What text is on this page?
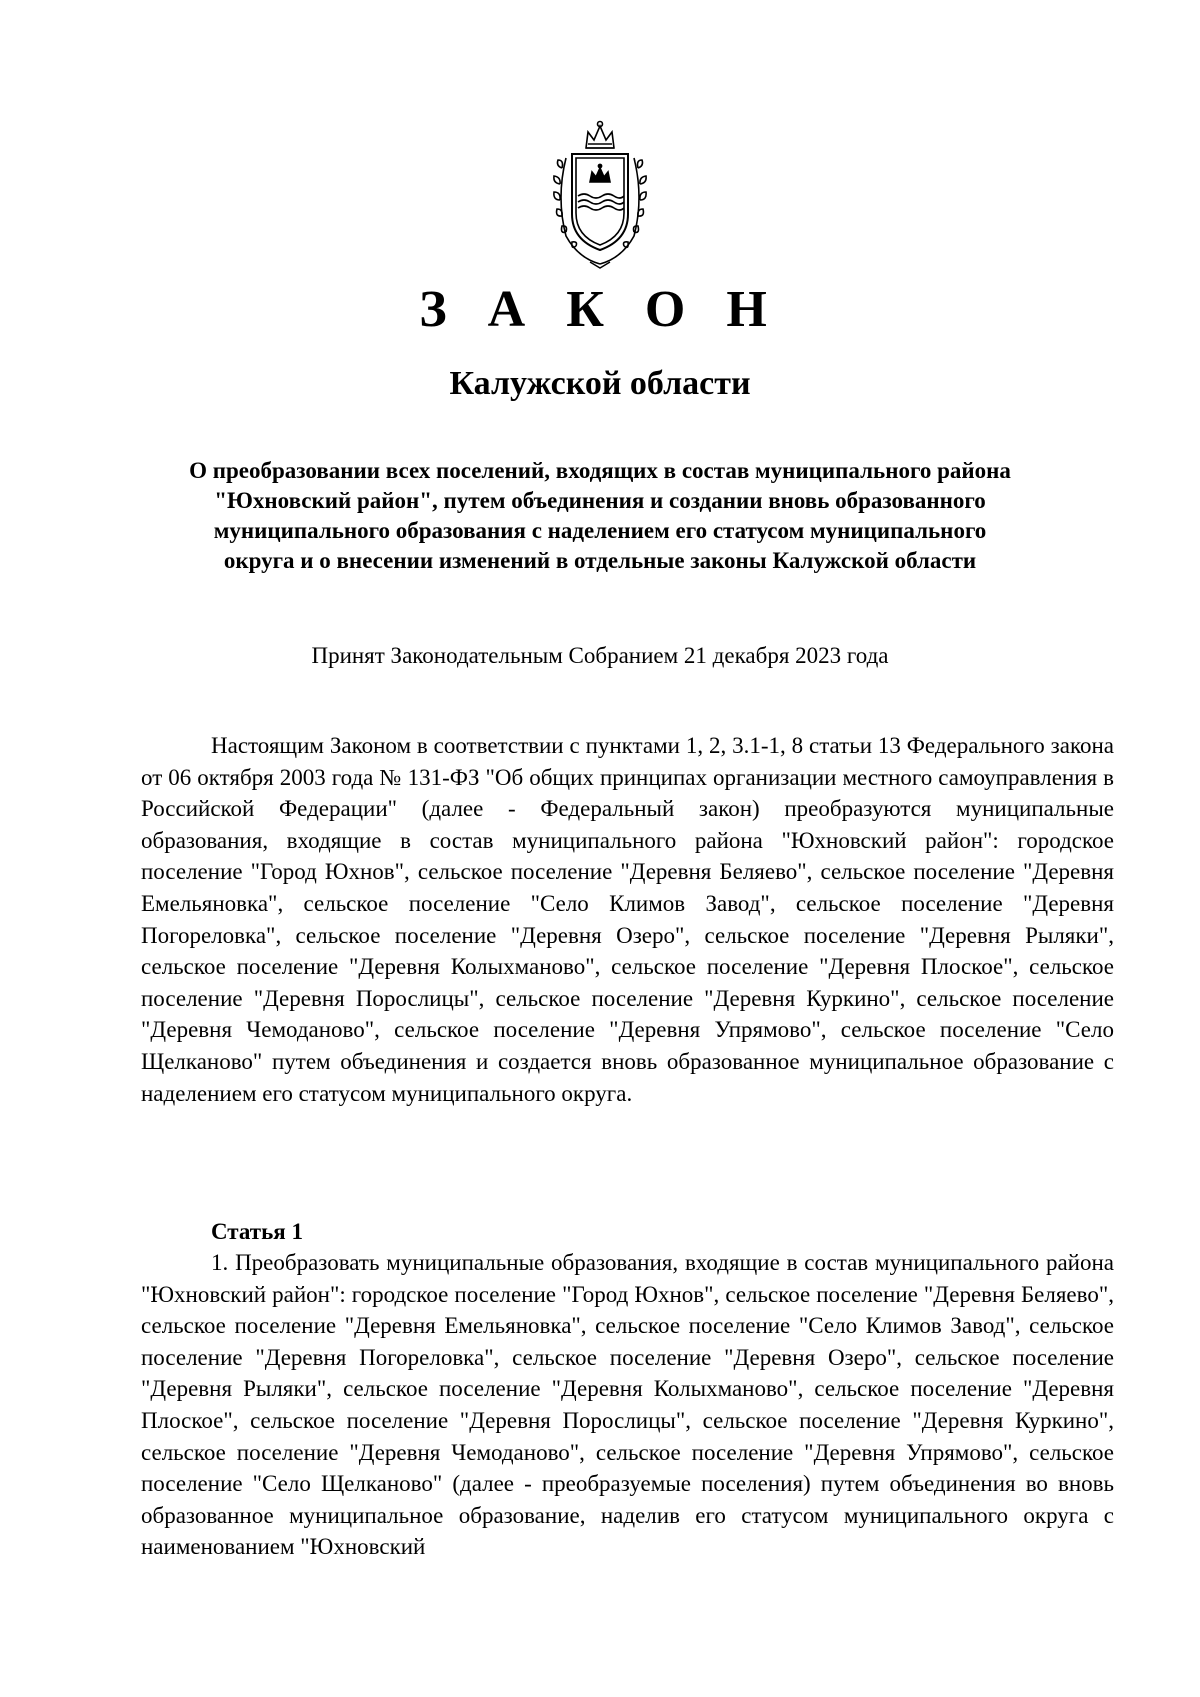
З А К О Н
Калужской области
О преобразовании всех поселений, входящих в состав муниципального района
"Юхновский район", путем объединения и создании вновь образованного
муниципального образования с наделением его статусом муниципального
округа и о внесении изменений в отдельные законы Калужской области
Принят Законодательным Собранием 21 декабря 2023 года

Настоящим Законом в соответствии с пунктами 1, 2, 3.1-1, 8 статьи 13 Федерального закона от 06 октября 2003 года № 131-ФЗ "Об общих принципах организации местного самоуправления в Российской Федерации" (далее - Федеральный закон) преобразуются муниципальные образования, входящие в состав муниципального района "Юхновский район": городское поселение "Город Юхнов", сельское поселение "Деревня Беляево", сельское поселение "Деревня Емельяновка", сельское поселение "Село Климов Завод", сельское поселение "Деревня Погореловка", сельское поселение "Деревня Озеро", сельское поселение "Деревня Рыляки", сельское поселение "Деревня Колыхманово", сельское поселение "Деревня Плоское", сельское поселение "Деревня Порослицы", сельское поселение "Деревня Куркино", сельское поселение "Деревня Чемоданово", сельское поселение "Деревня Упрямово", сельское поселение "Село Щелканово" путем объединения и создается вновь образованное муниципальное образование с наделением его статусом муниципального округа.

Статья 1

1. Преобразовать муниципальные образования, входящие в состав муниципального района "Юхновский район": городское поселение "Город Юхнов", сельское поселение "Деревня Беляево", сельское поселение "Деревня Емельяновка", сельское поселение "Село Климов Завод", сельское поселение "Деревня Погореловка", сельское поселение "Деревня Озеро", сельское поселение "Деревня Рыляки", сельское поселение "Деревня Колыхманово", сельское поселение "Деревня Плоское", сельское поселение "Деревня Порослицы", сельское поселение "Деревня Куркино", сельское поселение "Деревня Чемоданово", сельское поселение "Деревня Упрямово", сельское поселение "Село Щелканово" (далее - преобразуемые поселения) путем объединения во вновь образованное муниципальное образование, наделив его статусом муниципального округа с наименованием "Юхновский
